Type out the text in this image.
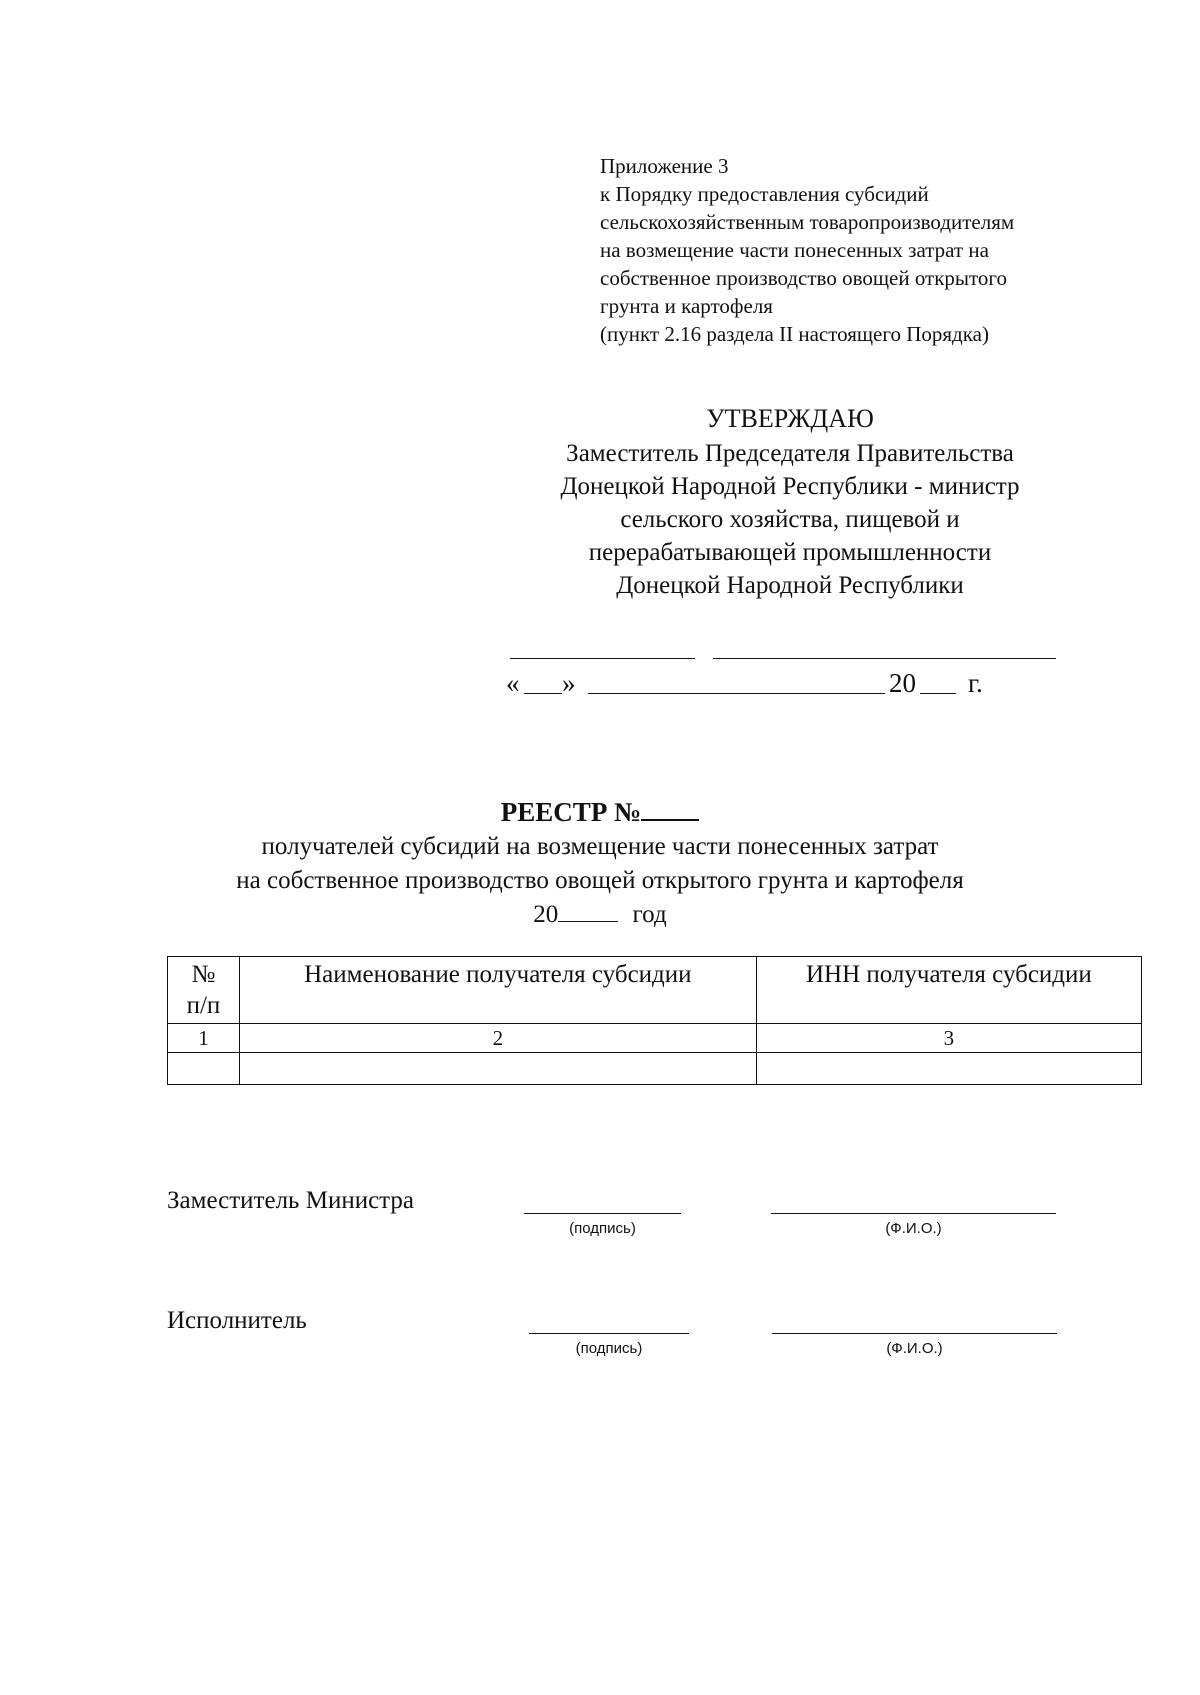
Приложение 3
к Порядку предоставления субсидий
сельскохозяйственным товаропроизводителям
на возмещение части понесенных затрат на
собственное производство овощей открытого
грунта и картофеля
(пункт 2.16 раздела II настоящего Порядка)
УТВЕРЖДАЮ
Заместитель Председателя Правительства
Донецкой Народной Республики - министр
сельского хозяйства, пищевой и
перерабатывающей промышленности
Донецкой Народной Республики
« »	20 г.
РЕЕСТР №
получателей субсидий на возмещение части понесенных затрат
на собственное производство овощей открытого грунта и картофеля
20	год
№ п/п	Наименование получателя субсидии	ИНН получателя субсидии
1	2	3

Заместитель Министра
(подпись)	(Ф.И.О.)
Исполнитель
(подпись)	(Ф.И.О.)
